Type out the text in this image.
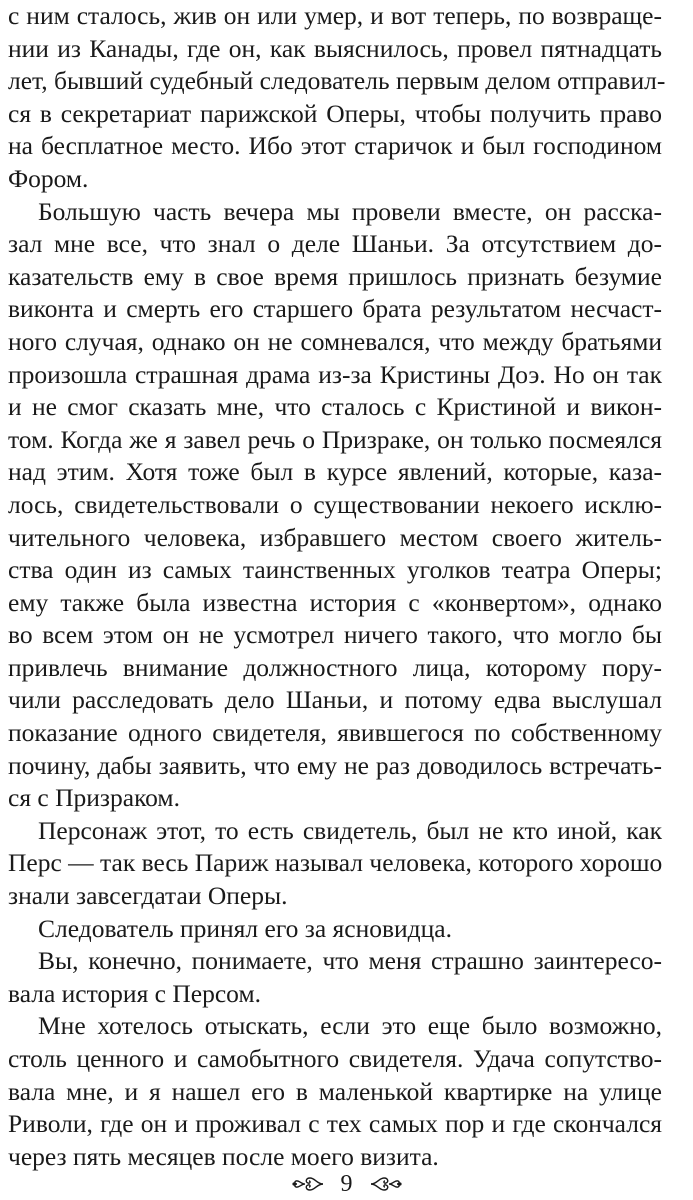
с ним сталось, жив он или умер, и вот теперь, по возвраще-
нии из Канады, где он, как выяснилось, провел пятнадцать
лет, бывший судебный следователь первым делом отправил-
ся в секретариат парижской Оперы, чтобы получить право
на бесплатное место. Ибо этот старичок и был господином
Фором.
Большую часть вечера мы провели вместе, он расска-
зал мне все, что знал о деле Шаньи. За отсутствием до-
казательств ему в свое время пришлось признать безумие
виконта и смерть его старшего брата результатом несчаст-
ного случая, однако он не сомневался, что между братьями
произошла страшная драма из-за Кристины Доэ. Но он так
и не смог сказать мне, что сталось с Кристиной и викон-
том. Когда же я завел речь о Призраке, он только посмеялся
над этим. Хотя тоже был в курсе явлений, которые, каза-
лось, свидетельствовали о существовании некоего исклю-
чительного человека, избравшего местом своего житель-
ства один из самых таинственных уголков театра Оперы;
ему также была известна история с «конвертом», однако
во всем этом он не усмотрел ничего такого, что могло бы
привлечь внимание должностного лица, которому пору-
чили расследовать дело Шаньи, и потому едва выслушал
показание одного свидетеля, явившегося по собственному
почину, дабы заявить, что ему не раз доводилось встречать-
ся с Призраком.
Персонаж этот, то есть свидетель, был не кто иной, как
Перс — так весь Париж называл человека, которого хорошо
знали завсегдатаи Оперы.
Следователь принял его за ясновидца.
Вы, конечно, понимаете, что меня страшно заинтересо-
вала история с Персом.
Мне хотелось отыскать, если это еще было возможно,
столь ценного и самобытного свидетеля. Удача сопутство-
вала мне, и я нашел его в маленькой квартирке на улице
Риволи, где он и проживал с тех самых пор и где скончался
через пять месяцев после моего визита.
9
